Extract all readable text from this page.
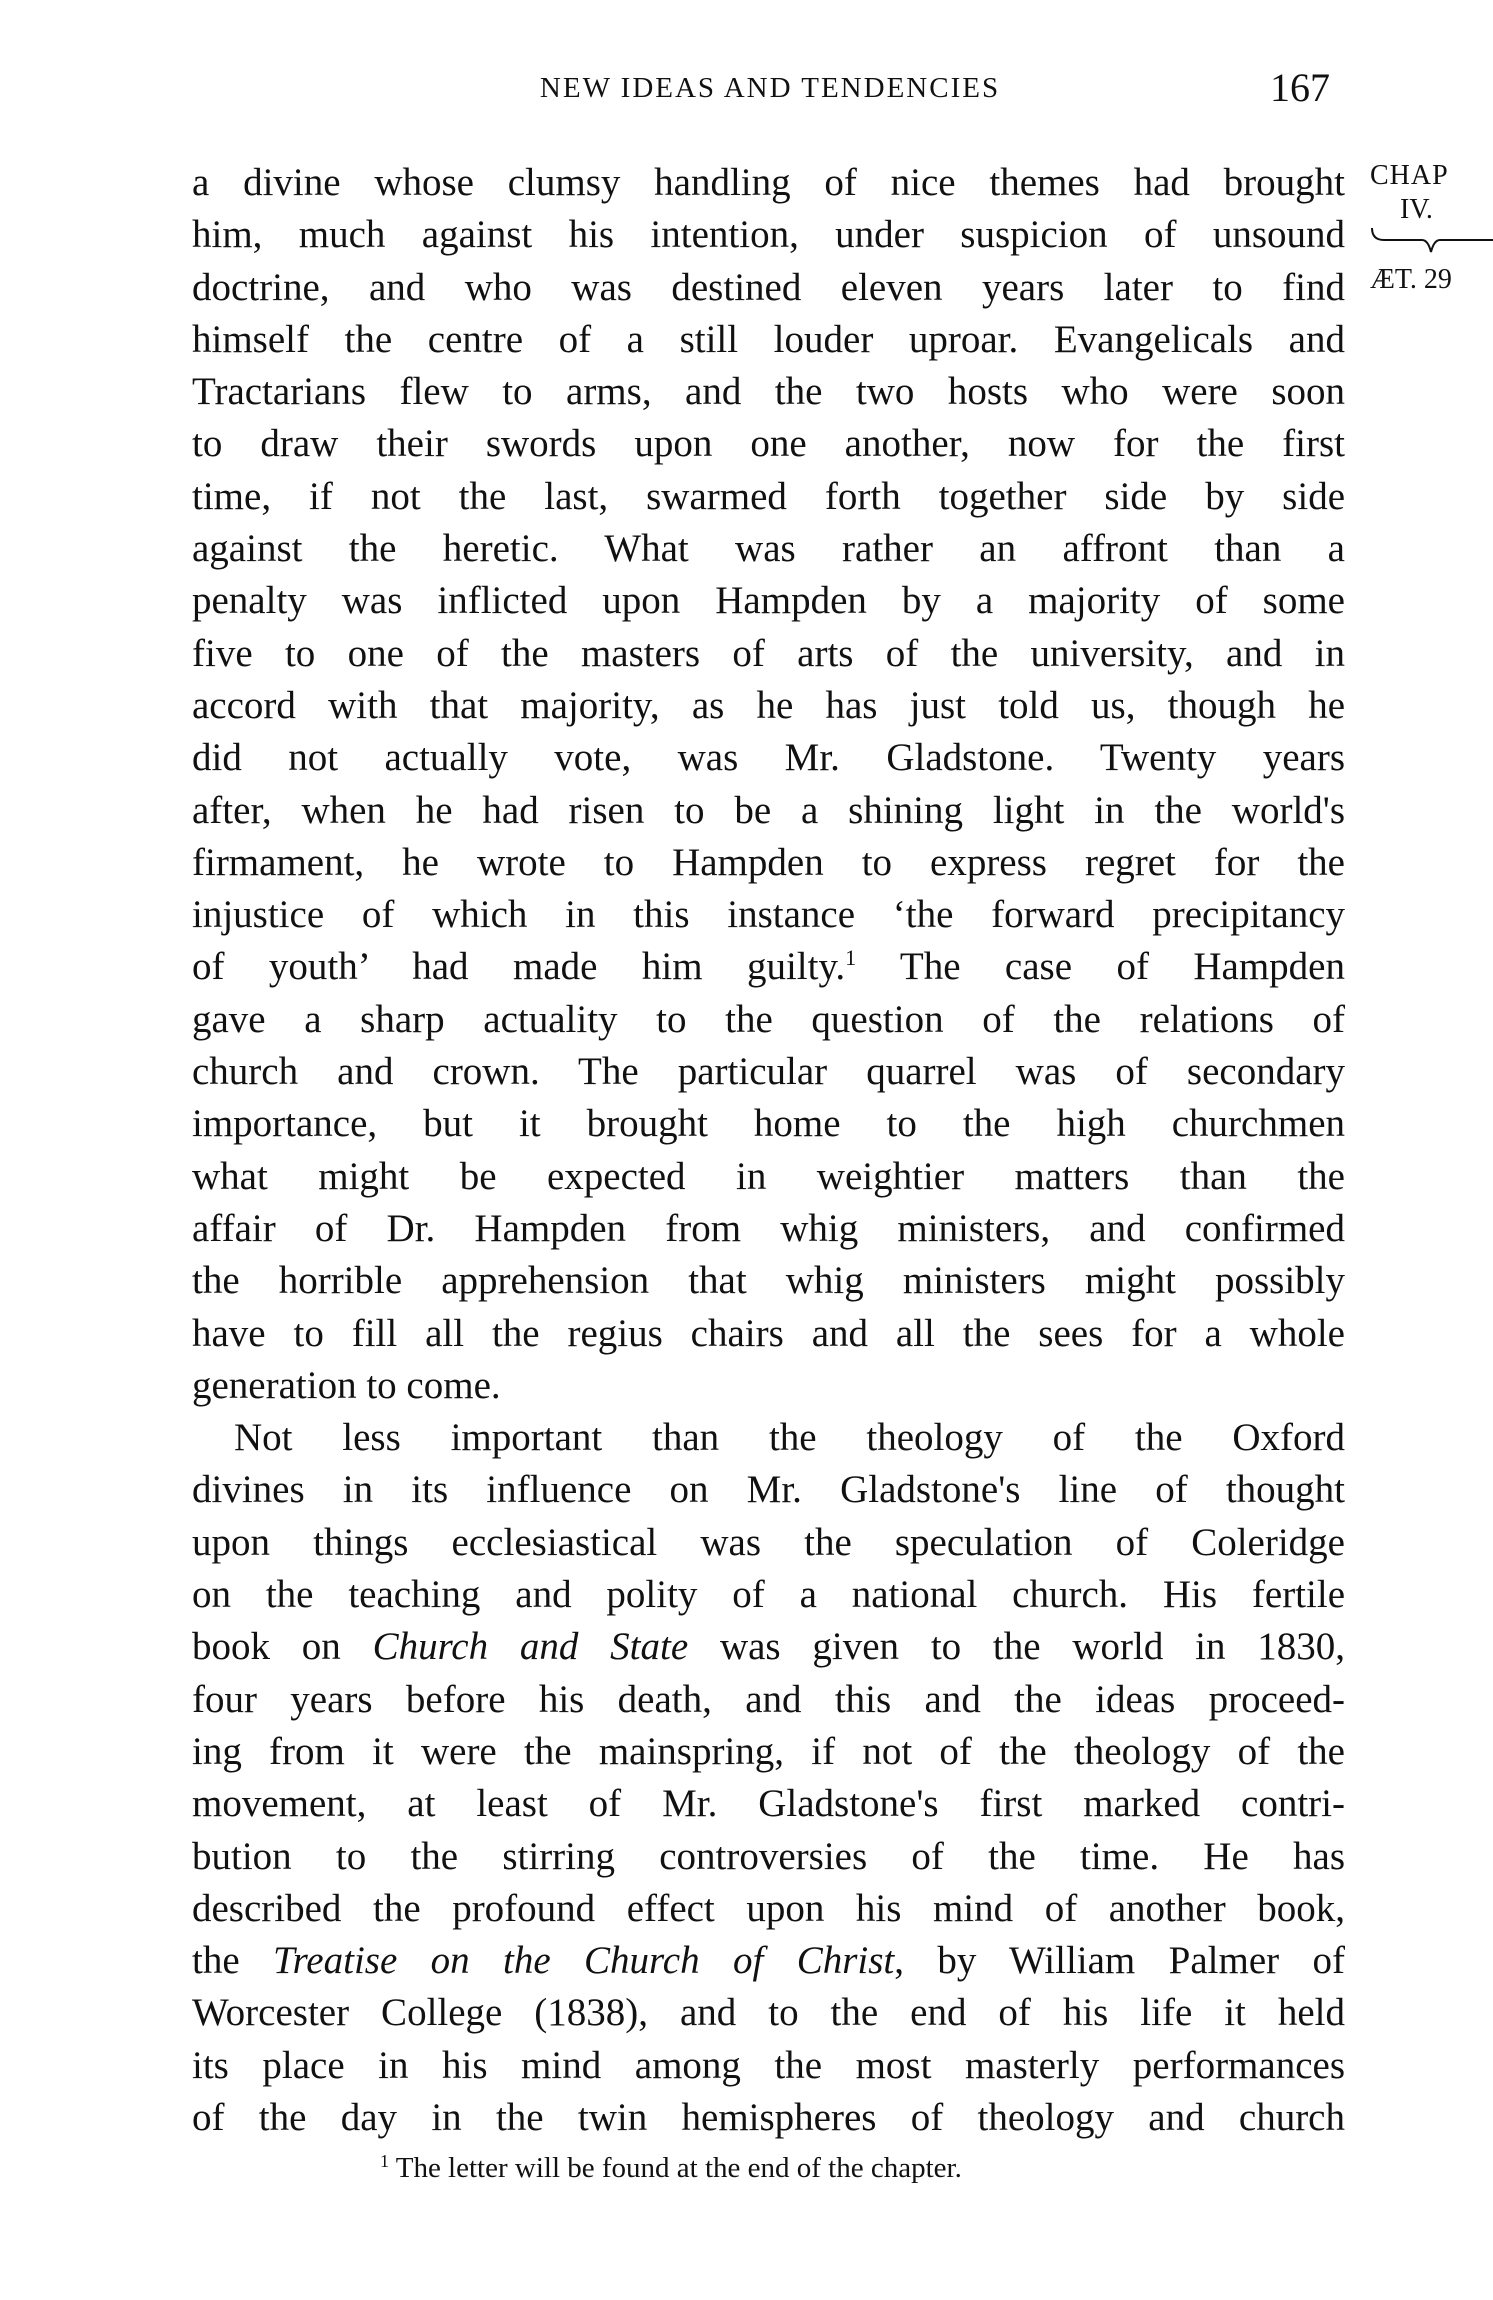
NEW IDEAS AND TENDENCIES	167
a divine whose clumsy handling of nice themes had brought
him, much against his intention, under suspicion of unsound
doctrine, and who was destined eleven years later to find
himself the centre of a still louder uproar. Evangelicals and
Tractarians flew to arms, and the two hosts who were soon
to draw their swords upon one another, now for the first
time, if not the last, swarmed forth together side by side
against the heretic. What was rather an affront than a
penalty was inflicted upon Hampden by a majority of some
five to one of the masters of arts of the university, and in
accord with that majority, as he has just told us, though he
did not actually vote, was Mr. Gladstone. Twenty years
after, when he had risen to be a shining light in the world's
firmament, he wrote to Hampden to express regret for the
injustice of which in this instance ‘the forward precipitancy
of youth’ had made him guilty.$^1$ The case of Hampden
gave a sharp actuality to the question of the relations of
church and crown. The particular quarrel was of secondary
importance, but it brought home to the high churchmen
what might be expected in weightier matters than the
affair of Dr. Hampden from whig ministers, and confirmed
the horrible apprehension that whig ministers might possibly
have to fill all the regius chairs and all the sees for a whole
generation to come.
Not less important than the theology of the Oxford
divines in its influence on Mr. Gladstone's line of thought
upon things ecclesiastical was the speculation of Coleridge
on the teaching and polity of a national church. His fertile
book on Church and State was given to the world in 1830,
four years before his death, and this and the ideas proceed-
ing from it were the mainspring, if not of the theology of the
movement, at least of Mr. Gladstone's first marked contri-
bution to the stirring controversies of the time. He has
described the profound effect upon his mind of another book,
the Treatise on the Church of Christ, by William Palmer of
Worcester College (1838), and to the end of his life it held
its place in his mind among the most masterly performances
of the day in the twin hemispheres of theology and church
CHAP
IV.
ÆT. 29
$^1$ The letter will be found at the end of the chapter.
